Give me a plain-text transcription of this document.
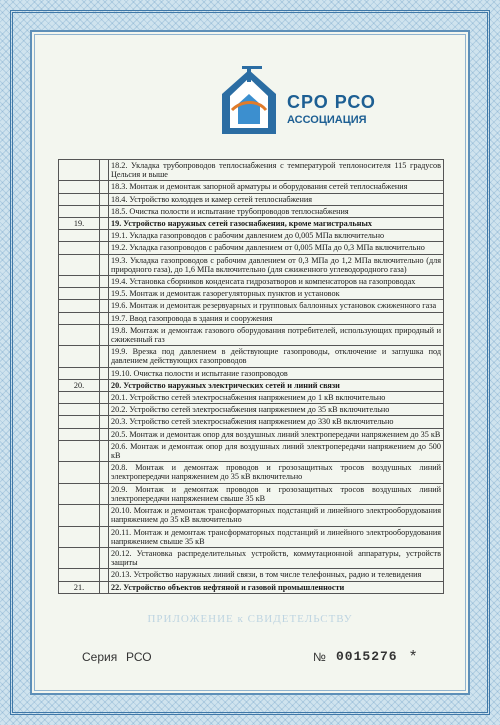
СРО РСО
АССОЦИАЦИЯ
		18.2. Укладка трубопроводов теплоснабжения с температурой теплоносителя 115 градусов Цельсия и выше
		18.3. Монтаж и демонтаж запорной арматуры и оборудования сетей теплоснабжения
		18.4. Устройство колодцев и камер сетей теплоснабжения
		18.5. Очистка полости и испытание трубопроводов теплоснабжения
19.		19. Устройство наружных сетей газоснабжения, кроме магистральных
		19.1. Укладка газопроводов с рабочим давлением до 0,005 МПа включительно
		19.2. Укладка газопроводов с рабочим давлением от 0,005 МПа до 0,3 МПа включительно
		19.3. Укладка газопроводов с рабочим давлением от 0,3 МПа до 1,2 МПа включительно (для природного газа), до 1,6 МПа включительно (для сжиженного углеводородного газа)
		19.4. Установка сборников конденсата гидрозатворов и компенсаторов на газопроводах
		19.5. Монтаж и демонтаж газорегуляторных пунктов и установок
		19.6. Монтаж и демонтаж резервуарных и групповых баллонных установок сжиженного газа
		19.7. Ввод газопровода в здания и сооружения
		19.8. Монтаж и демонтаж газового оборудования потребителей, использующих природный и сжиженный газ
		19.9. Врезка под давлением в действующие газопроводы, отключение и заглушка под давлением действующих газопроводов
		19.10. Очистка полости и испытание газопроводов
20.		20. Устройство наружных электрических сетей и линий связи
		20.1. Устройство сетей электроснабжения напряжением до 1 кВ включительно
		20.2. Устройство сетей электроснабжения напряжением до 35 кВ включительно
		20.3. Устройство сетей электроснабжения напряжением до 330 кВ включительно
		20.5. Монтаж и демонтаж опор для воздушных линий электропередачи напряжением до 35 кВ
		20.6. Монтаж и демонтаж опор для воздушных линий электропередачи напряжением до 500 кВ
		20.8. Монтаж и демонтаж проводов и грозозащитных тросов воздушных линий электропередачи напряжением до 35 кВ включительно
		20.9. Монтаж и демонтаж проводов и грозозащитных тросов воздушных линий электропередачи напряжением свыше 35 кВ
		20.10. Монтаж и демонтаж трансформаторных подстанций и линейного электрооборудования напряжением до 35 кВ включительно
		20.11. Монтаж и демонтаж трансформаторных подстанций и линейного электрооборудования напряжением свыше 35 кВ
		20.12. Установка распределительных устройств, коммутационной аппаратуры, устройств защиты
		20.13. Устройство наружных линий связи, в том числе телефонных, радио и телевидения
21.		22. Устройство объектов нефтяной и газовой промышленности
ПРИЛОЖЕНИЕ к СВИДЕТЕЛЬСТВУ
Серия РСО	№ 0015276 *
